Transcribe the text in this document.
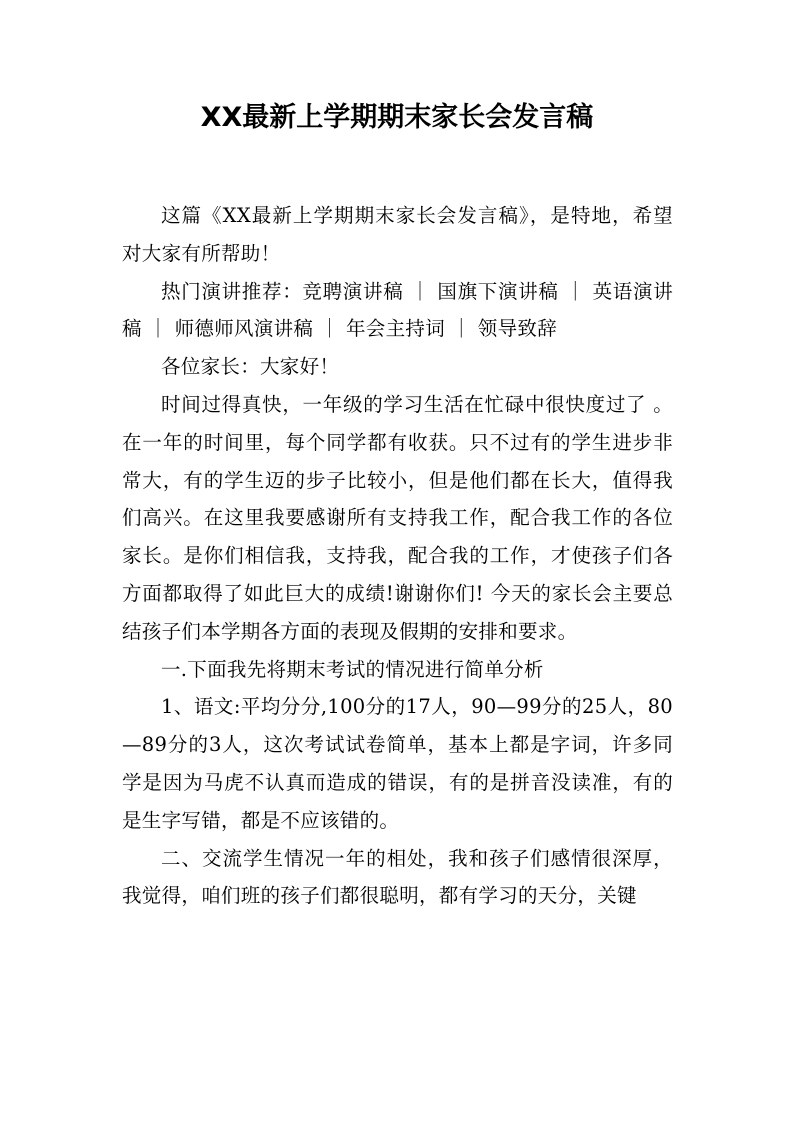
XX最新上学期期末家长会发言稿

这篇《XX最新上学期期末家长会发言稿》，是特地，希望对大家有所帮助！

热门演讲推荐：竞聘演讲稿 ｜ 国旗下演讲稿 ｜ 英语演讲稿 ｜ 师德师风演讲稿 ｜ 年会主持词 ｜ 领导致辞

各位家长：大家好！

时间过得真快，一年级的学习生活在忙碌中很快度过了 。在一年的时间里，每个同学都有收获。只不过有的学生进步非常大，有的学生迈的步子比较小，但是他们都在长大，值得我们高兴。在这里我要感谢所有支持我工作，配合我工作的各位家长。是你们相信我，支持我，配合我的工作，才使孩子们各方面都取得了如此巨大的成绩!谢谢你们! 今天的家长会主要总结孩子们本学期各方面的表现及假期的安排和要求。

一.下面我先将期末考试的情况进行简单分析

1、语文:平均分分,100分的17人，90—99分的25人，80—89分的3人，这次考试试卷简单，基本上都是字词，许多同学是因为马虎不认真而造成的错误，有的是拼音没读准，有的是生字写错，都是不应该错的。

二、交流学生情况一年的相处，我和孩子们感情很深厚，我觉得，咱们班的孩子们都很聪明，都有学习的天分，关键
